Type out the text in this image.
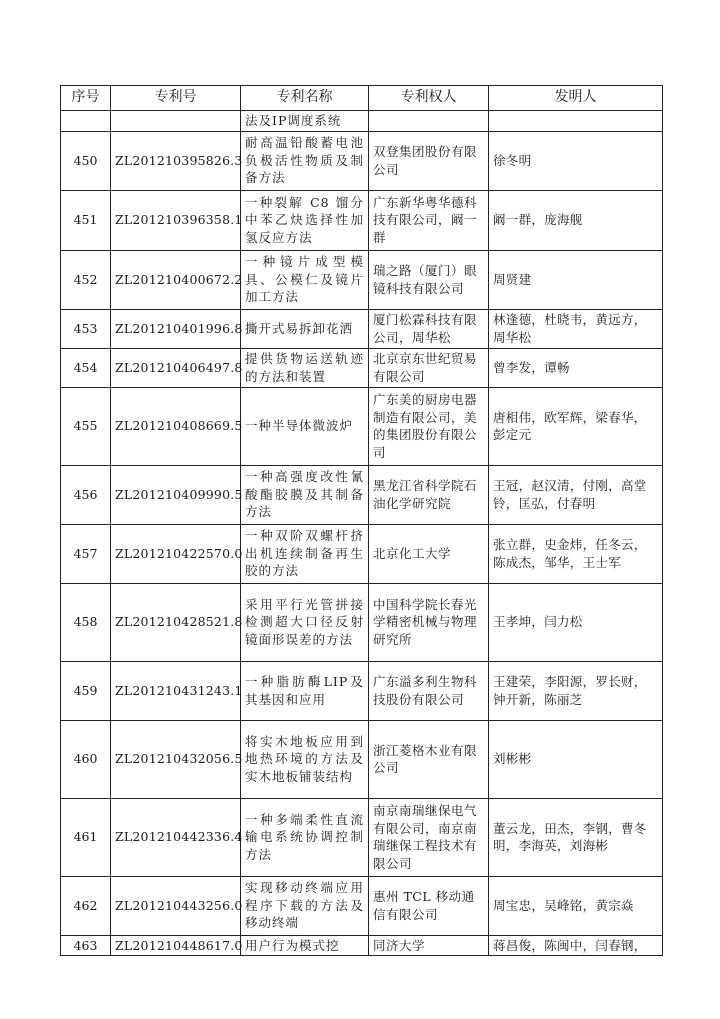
序号	专利号	专利名称	专利权人	发明人
		法及IP调度系统		
450	ZL201210395826.3	耐高温铅酸蓄电池负极活性物质及制备方法	双登集团股份有限公司	徐冬明
451	ZL201210396358.1	一种裂解 C8 馏分中苯乙炔选择性加氢反应方法	广东新华粤华德科技有限公司，阚一群	阚一群，庞海舰
452	ZL201210400672.2	一种镜片成型模具、公模仁及镜片加工方法	瑞之路（厦门）眼镜科技有限公司	周贤建
453	ZL201210401996.8	撕开式易拆卸花洒	厦门松霖科技有限公司，周华松	林逢德，杜晓韦，黄远方，周华松
454	ZL201210406497.8	提供货物运送轨迹的方法和装置	北京京东世纪贸易有限公司	曾李发，谭畅
455	ZL201210408669.5	一种半导体微波炉	广东美的厨房电器制造有限公司，美的集团股份有限公司	唐相伟，欧军辉，梁春华，彭定元
456	ZL201210409990.5	一种高强度改性氰酸酯胶膜及其制备方法	黑龙江省科学院石油化学研究院	王冠，赵汉清，付刚，高堂铃，匡弘，付春明
457	ZL201210422570.0	一种双阶双螺杆挤出机连续制备再生胶的方法	北京化工大学	张立群，史金炜，任冬云，陈成杰，邹华，王士军
458	ZL201210428521.8	采用平行光管拼接检测超大口径反射镜面形误差的方法	中国科学院长春光学精密机械与物理研究所	王孝坤，闫力松
459	ZL201210431243.1	一种脂肪酶LIP及其基因和应用	广东溢多利生物科技股份有限公司	王建荣，李阳源，罗长财，钟开新，陈丽芝
460	ZL201210432056.5	将实木地板应用到地热环境的方法及实木地板铺装结构	浙江菱格木业有限公司	刘彬彬
461	ZL201210442336.4	一种多端柔性直流输电系统协调控制方法	南京南瑞继保电气有限公司，南京南瑞继保工程技术有限公司	董云龙，田杰，李钢，曹冬明，李海英，刘海彬
462	ZL201210443256.0	实现移动终端应用程序下载的方法及移动终端	惠州 TCL 移动通信有限公司	周宝忠，吴峰铭，黄宗焱
463	ZL201210448617.0	用户行为模式挖	同济大学	蒋昌俊，陈闽中，闫春钢，
